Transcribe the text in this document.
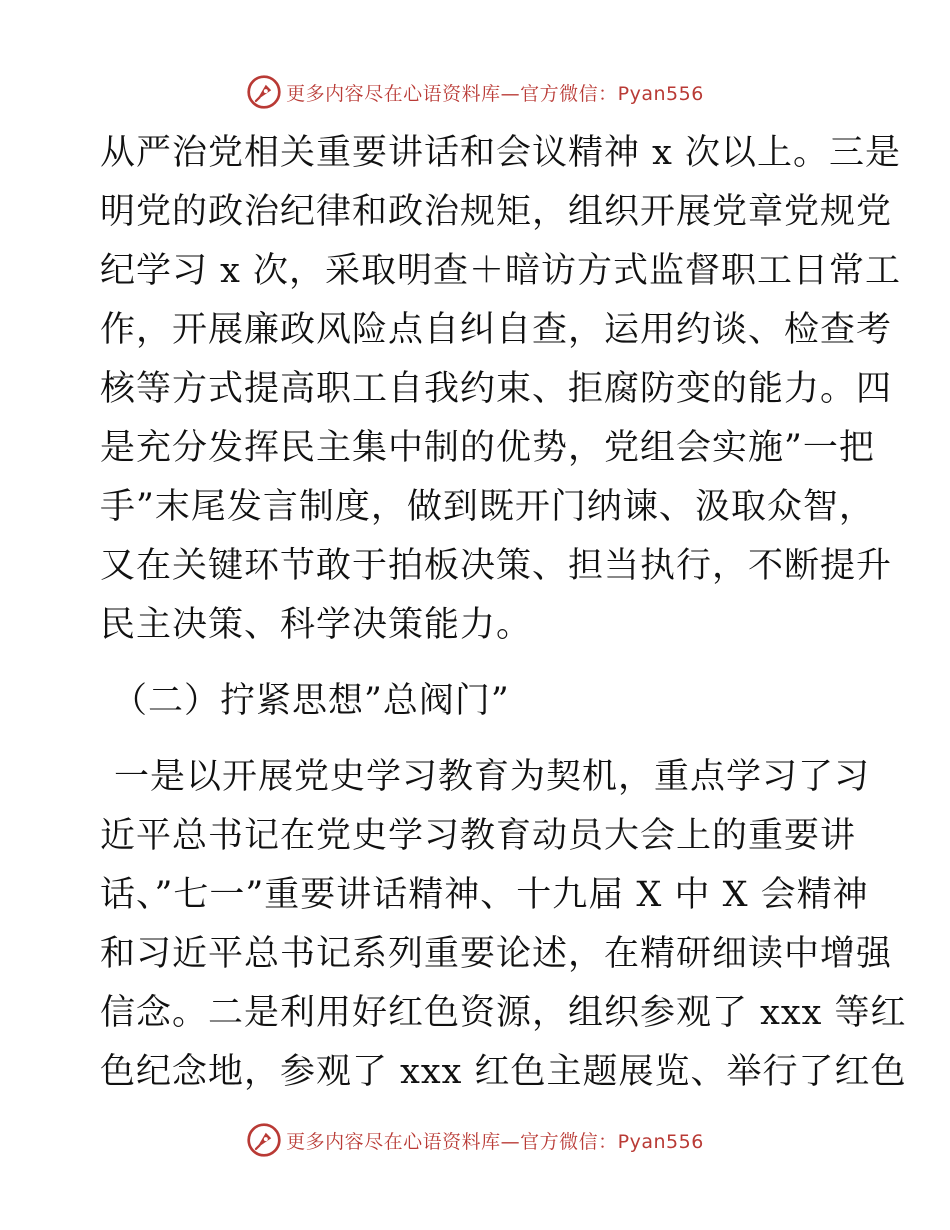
更多内容尽在心语资料库—官方微信：Pyan556
从严治党相关重要讲话和会议精神 x 次以上。三是
明党的政治纪律和政治规矩，组织开展党章党规党
纪学习 x 次，采取明查＋暗访方式监督职工日常工
作，开展廉政风险点自纠自查，运用约谈、检查考
核等方式提高职工自我约束、拒腐防变的能力。四
是充分发挥民主集中制的优势，党组会实施”一把
手”末尾发言制度，做到既开门纳谏、汲取众智，
又在关键环节敢于拍板决策、担当执行，不断提升
民主决策、科学决策能力。
（二）拧紧思想”总阀门”
一是以开展党史学习教育为契机，重点学习了习
近平总书记在党史学习教育动员大会上的重要讲
话、”七一”重要讲话精神、十九届 X 中 X 会精神
和习近平总书记系列重要论述，在精研细读中增强
信念。二是利用好红色资源，组织参观了 xxx 等红
色纪念地，参观了 xxx 红色主题展览、举行了红色
更多内容尽在心语资料库—官方微信：Pyan556
